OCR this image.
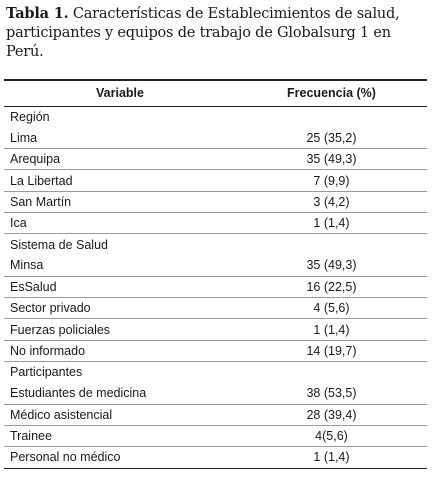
Tabla 1. Características de Establecimientos de salud, participantes y equipos de trabajo de Globalsurg 1 en Perú.
Variable	Frecuencia (%)
Región	
Lima	25 (35,2)
Arequipa	35 (49,3)
La Libertad	7 (9,9)
San Martín	3 (4,2)
Ica	1 (1,4)
Sistema de Salud	
Minsa	35 (49,3)
EsSalud	16 (22,5)
Sector privado	4 (5,6)
Fuerzas policiales	1 (1,4)
No informado	14 (19,7)
Participantes	
Estudiantes de medicina	38 (53,5)
Médico asistencial	28 (39,4)
Trainee	4(5,6)
Personal no médico	1 (1,4)
